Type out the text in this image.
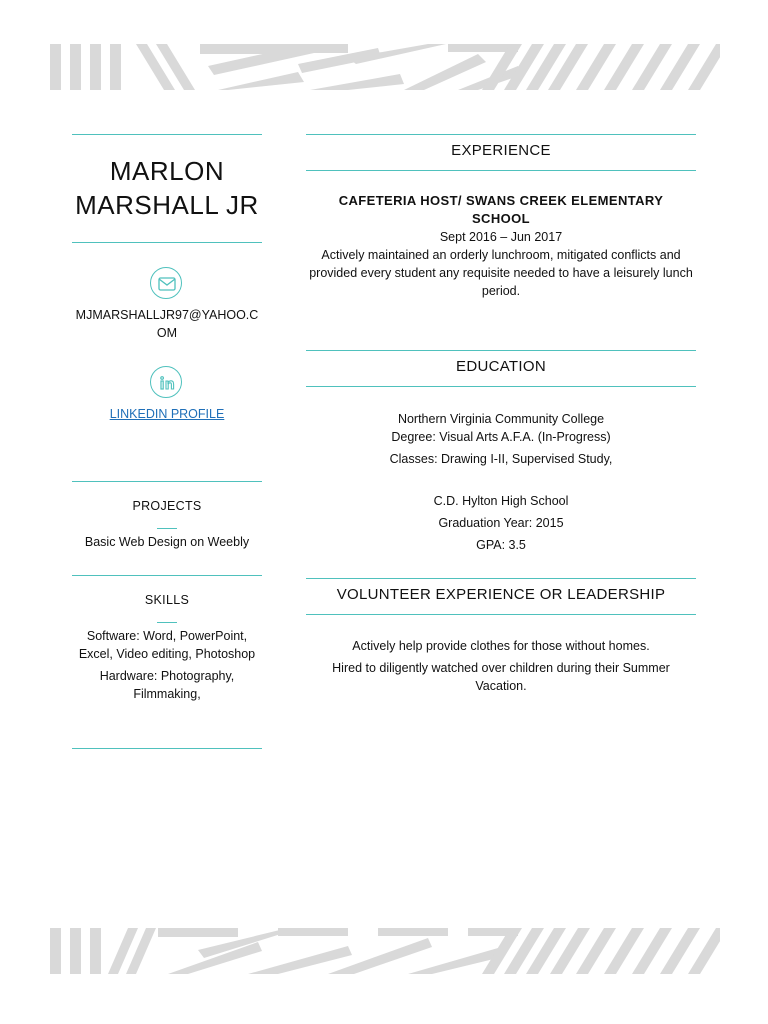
MARLON
MARSHALL JR
MJMARSHALLJR97@YAHOO.COM
LINKEDIN PROFILE
PROJECTS
Basic Web Design on Weebly
SKILLS
Software: Word, PowerPoint, Excel, Video editing, Photoshop
Hardware: Photography, Filmmaking,
EXPERIENCE
CAFETERIA HOST/ SWANS CREEK ELEMENTARY SCHOOL

Sept 2016 – Jun 2017

Actively maintained an orderly lunchroom, mitigated conflicts and provided every student any requisite needed to have a leisurely lunch period.

EDUCATION

Northern Virginia Community College

Degree: Visual Arts A.F.A. (In-Progress)

Classes: Drawing I-II, Supervised Study,

C.D. Hylton High School

Graduation Year: 2015

GPA: 3.5

VOLUNTEER EXPERIENCE OR LEADERSHIP

Actively help provide clothes for those without homes.

Hired to diligently watched over children during their Summer Vacation.
